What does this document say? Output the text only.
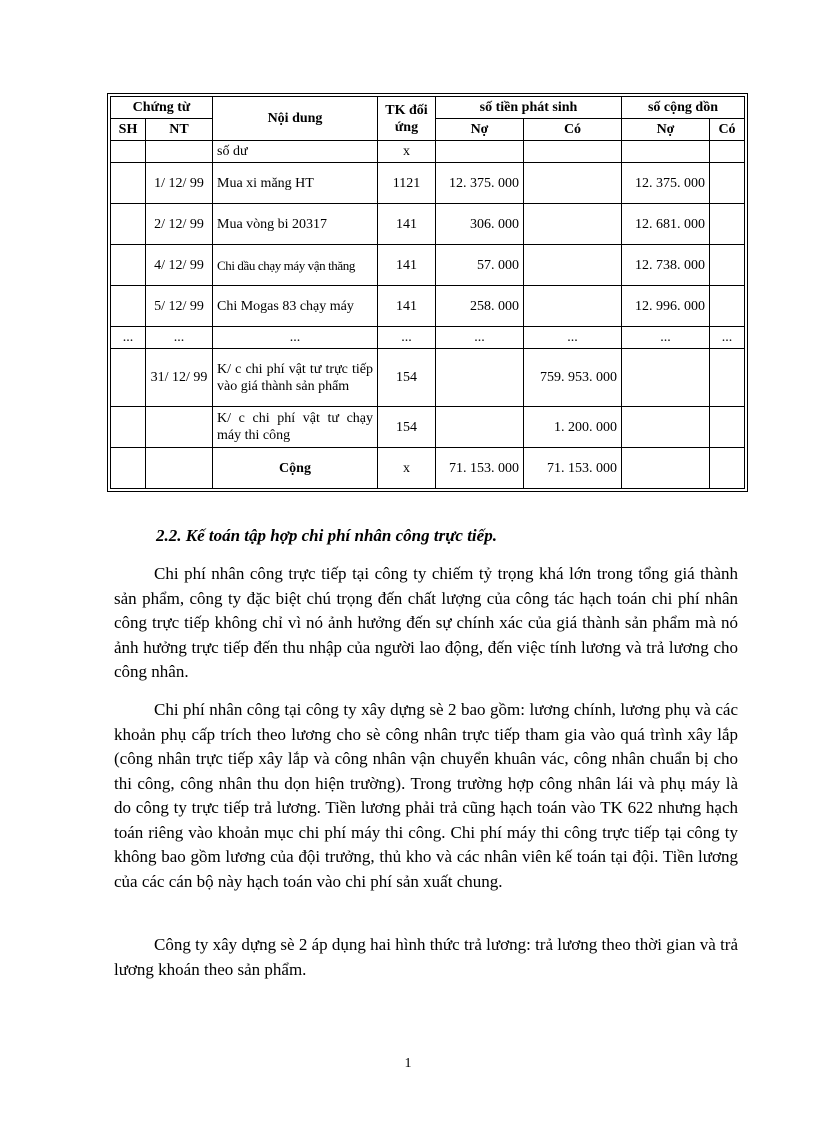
Chứng từ		Nội dung	TK đối ứng	số tiền phát sinh		số cộng dồn	
SH	NT			Nợ	Có	Nợ	Có
		số dư	x				
	1/ 12/ 99	Mua xi măng HT	1121	12. 375. 000		12. 375. 000	
	2/ 12/ 99	Mua vòng bi 20317	141	306. 000		12. 681. 000	
	4/ 12/ 99	Chi dầu chạy máy vận thăng	141	57. 000		12. 738. 000	
	5/ 12/ 99	Chi Mogas 83 chạy máy	141	258. 000		12. 996. 000	
...	...	...	...	...	...	...	...
	31/ 12/ 99	K/ c chi phí vật tư trực tiếp vào giá thành sản phẩm	154		759. 953. 000		
		K/ c chi phí vật tư chạy máy thi công	154		1. 200. 000		
		Cộng	x	71. 153. 000	71. 153. 000		
2.2. Kế toán tập hợp chi phí nhân công trực tiếp.

Chi phí nhân công trực tiếp tại công ty chiếm tỷ trọng khá lớn trong tổng giá thành sản phẩm, công ty đặc biệt chú trọng đến chất lượng của công tác hạch toán chi phí nhân công trực tiếp không chỉ vì nó ảnh hưởng đến sự chính xác của giá thành sản phẩm mà nó ảnh hưởng trực tiếp đến thu nhập của người lao động, đến việc tính lương và trả lương cho công nhân.

Chi phí nhân công tại công ty xây dựng sè 2 bao gồm: lương chính, lương phụ và các khoản phụ cấp trích theo lương cho sè công nhân trực tiếp tham gia vào quá trình xây lắp (công nhân trực tiếp xây lắp và công nhân vận chuyển khuân vác, công nhân chuẩn bị cho thi công, công nhân thu dọn hiện trường). Trong trường hợp công nhân lái và phụ máy là do công ty trực tiếp trả lương. Tiền lương phải trả cũng hạch toán vào TK 622 nhưng hạch toán riêng vào khoản mục chi phí máy thi công. Chi phí máy thi công trực tiếp tại công ty không bao gồm lương của đội trưởng, thủ kho và các nhân viên kế toán tại đội. Tiền lương của các cán bộ này hạch toán vào chi phí sản xuất chung.

Công ty xây dựng sè 2 áp dụng hai hình thức trả lương: trả lương theo thời gian và trả lương khoán theo sản phẩm.

1
